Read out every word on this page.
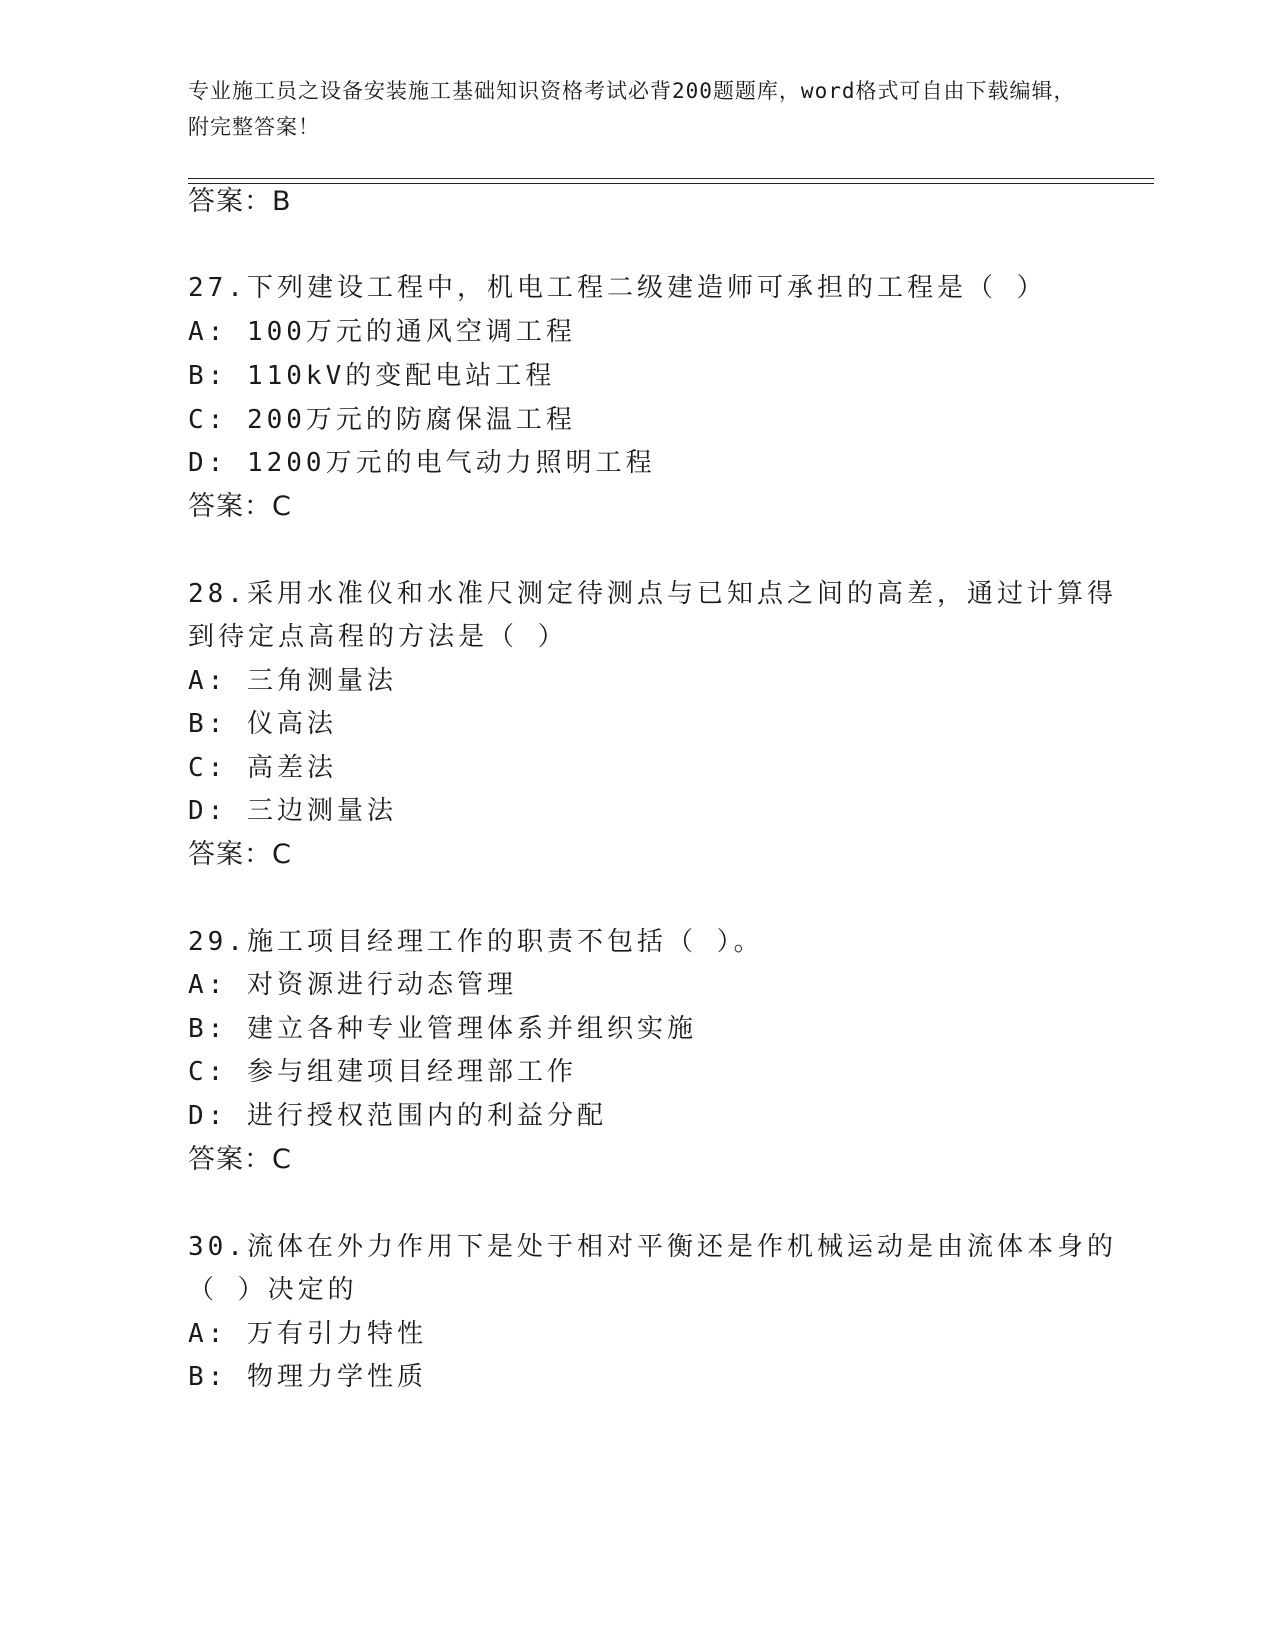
专业施工员之设备安装施工基础知识资格考试必背200题题库，word格式可自由下载编辑，附完整答案！
答案：B
27.下列建设工程中，机电工程二级建造师可承担的工程是（ ）
A: 100万元的通风空调工程
B: 110kV的变配电站工程
C: 200万元的防腐保温工程
D: 1200万元的电气动力照明工程
答案：C
28.采用水准仪和水准尺测定待测点与已知点之间的高差，通过计算得
到待定点高程的方法是（ ）
A: 三角测量法
B: 仪高法
C: 高差法
D: 三边测量法
答案：C
29.施工项目经理工作的职责不包括（ ）。
A: 对资源进行动态管理
B: 建立各种专业管理体系并组织实施
C: 参与组建项目经理部工作
D: 进行授权范围内的利益分配
答案：C
30.流体在外力作用下是处于相对平衡还是作机械运动是由流体本身的
（ ）决定的
A: 万有引力特性
B: 物理力学性质
